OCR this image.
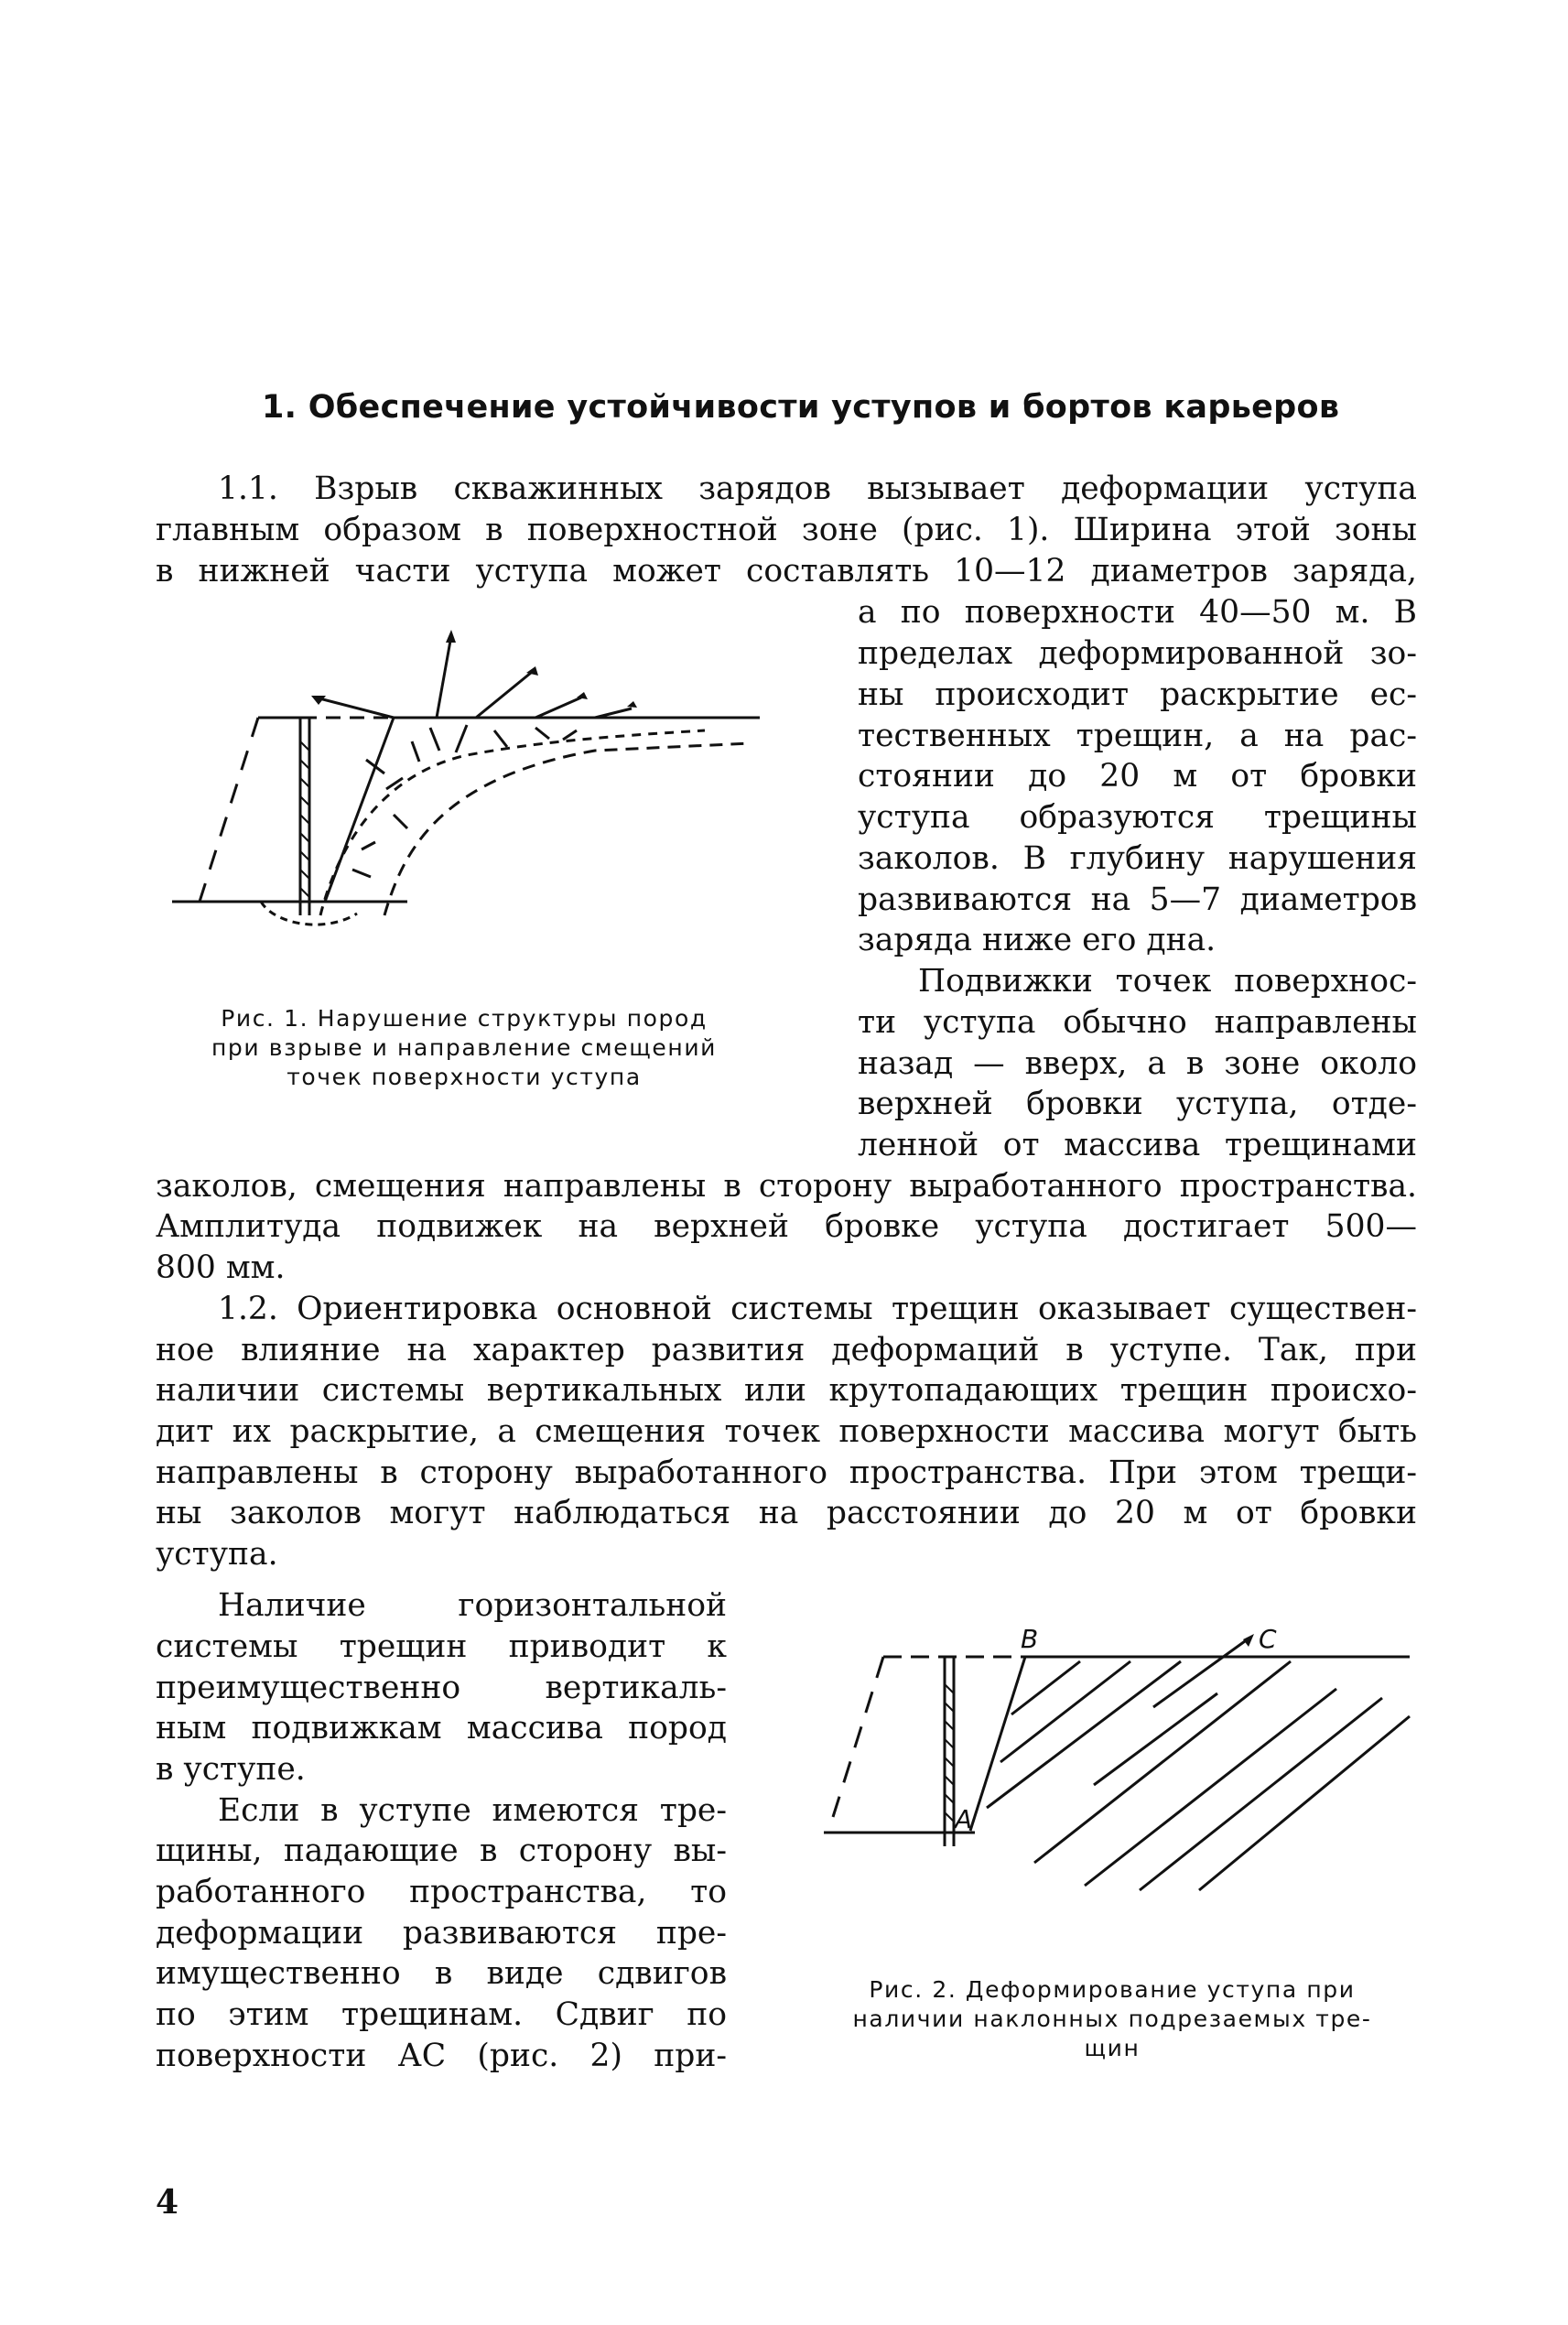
1. Обеспечение устойчивости уступов и бортов карьеров
1.1. Взрыв скважинных зарядов вызывает деформации уступа
главным образом в поверхностной зоне (рис. 1). Ширина этой зоны
в нижней части уступа может составлять 10—12 диаметров заряда,
а по поверхности 40—50 м. В
пределах деформированной зо-
ны происходит раскрытие ес-
тественных трещин, а на рас-
стоянии до 20 м от бровки
уступа образуются трещины
заколов. В глубину нарушения
развиваются на 5—7 диаметров
заряда ниже его дна.
Подвижки точек поверхнос-
ти уступа обычно направлены
назад — вверх, а в зоне около
верхней бровки уступа, отде-
ленной от массива трещинами
заколов, смещения направлены в сторону выработанного пространства.
Амплитуда подвижек на верхней бровке уступа достигает 500—
800 мм.
1.2. Ориентировка основной системы трещин оказывает существен-
ное влияние на характер развития деформаций в уступе. Так, при
наличии системы вертикальных или крутопадающих трещин происхо-
дит их раскрытие, а смещения точек поверхности массива могут быть
направлены в сторону выработанного пространства. При этом трещи-
ны заколов могут наблюдаться на расстоянии до 20 м от бровки
уступа.
Наличие горизонтальной
системы трещин приводит к
преимущественно вертикаль-
ным подвижкам массива пород
в уступе.
Если в уступе имеются тре-
щины, падающие в сторону вы-
работанного пространства, то
деформации развиваются пре-
имущественно в виде сдвигов
по этим трещинам. Сдвиг по
поверхности АС (рис. 2) при-
Рис. 1. Нарушение структуры пород
при взрыве и направление смещений
точек поверхности уступа
B	C
A
Рис. 2. Деформирование уступа при
наличии наклонных подрезаемых тре-
щин
4
